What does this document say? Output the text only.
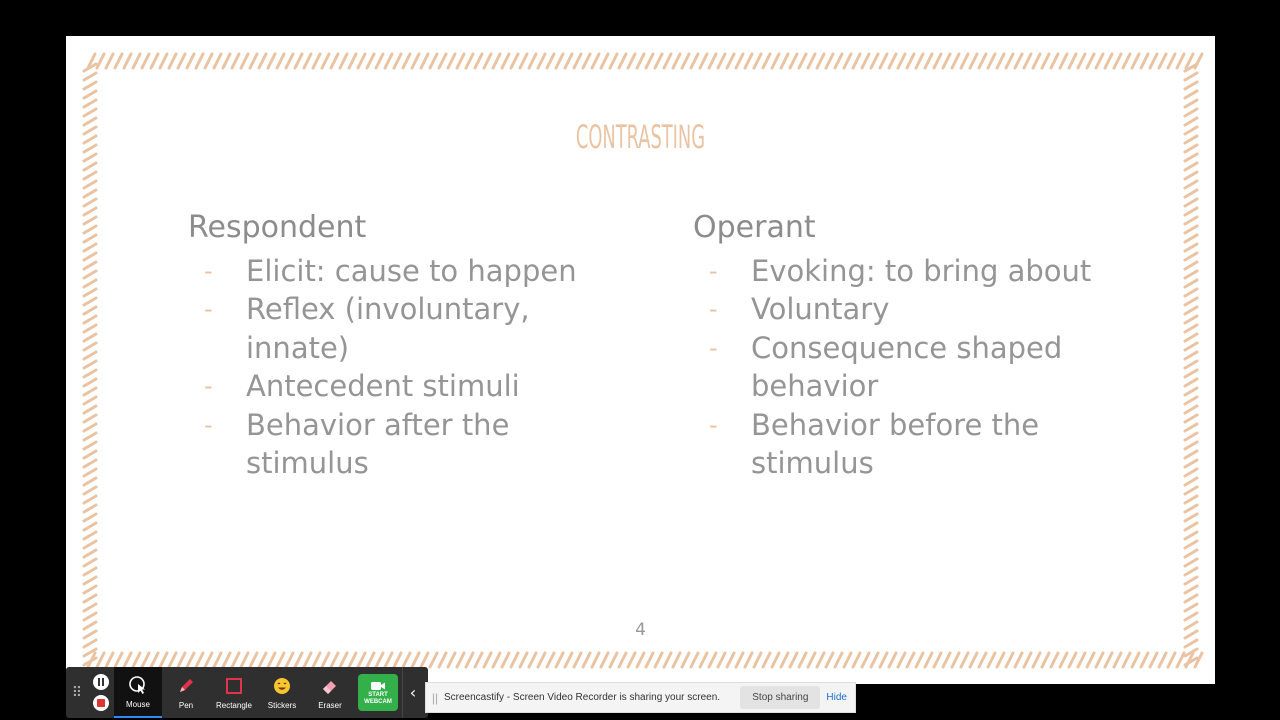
CONTRASTING
Respondent
- Elicit: cause to happen
- Reflex (involuntary, innate)
- Antecedent stimuli
- Behavior after the stimulus
Operant
- Evoking: to bring about
- Voluntary
- Consequence shaped behavior
- Behavior before the stimulus
4
⠿
Mouse	Pen	Rectangle Stickers	Eraser
START WEBCAM	‹	|| Screencastify - Screen Video Recorder is sharing your screen.	Stop sharing	Hide
